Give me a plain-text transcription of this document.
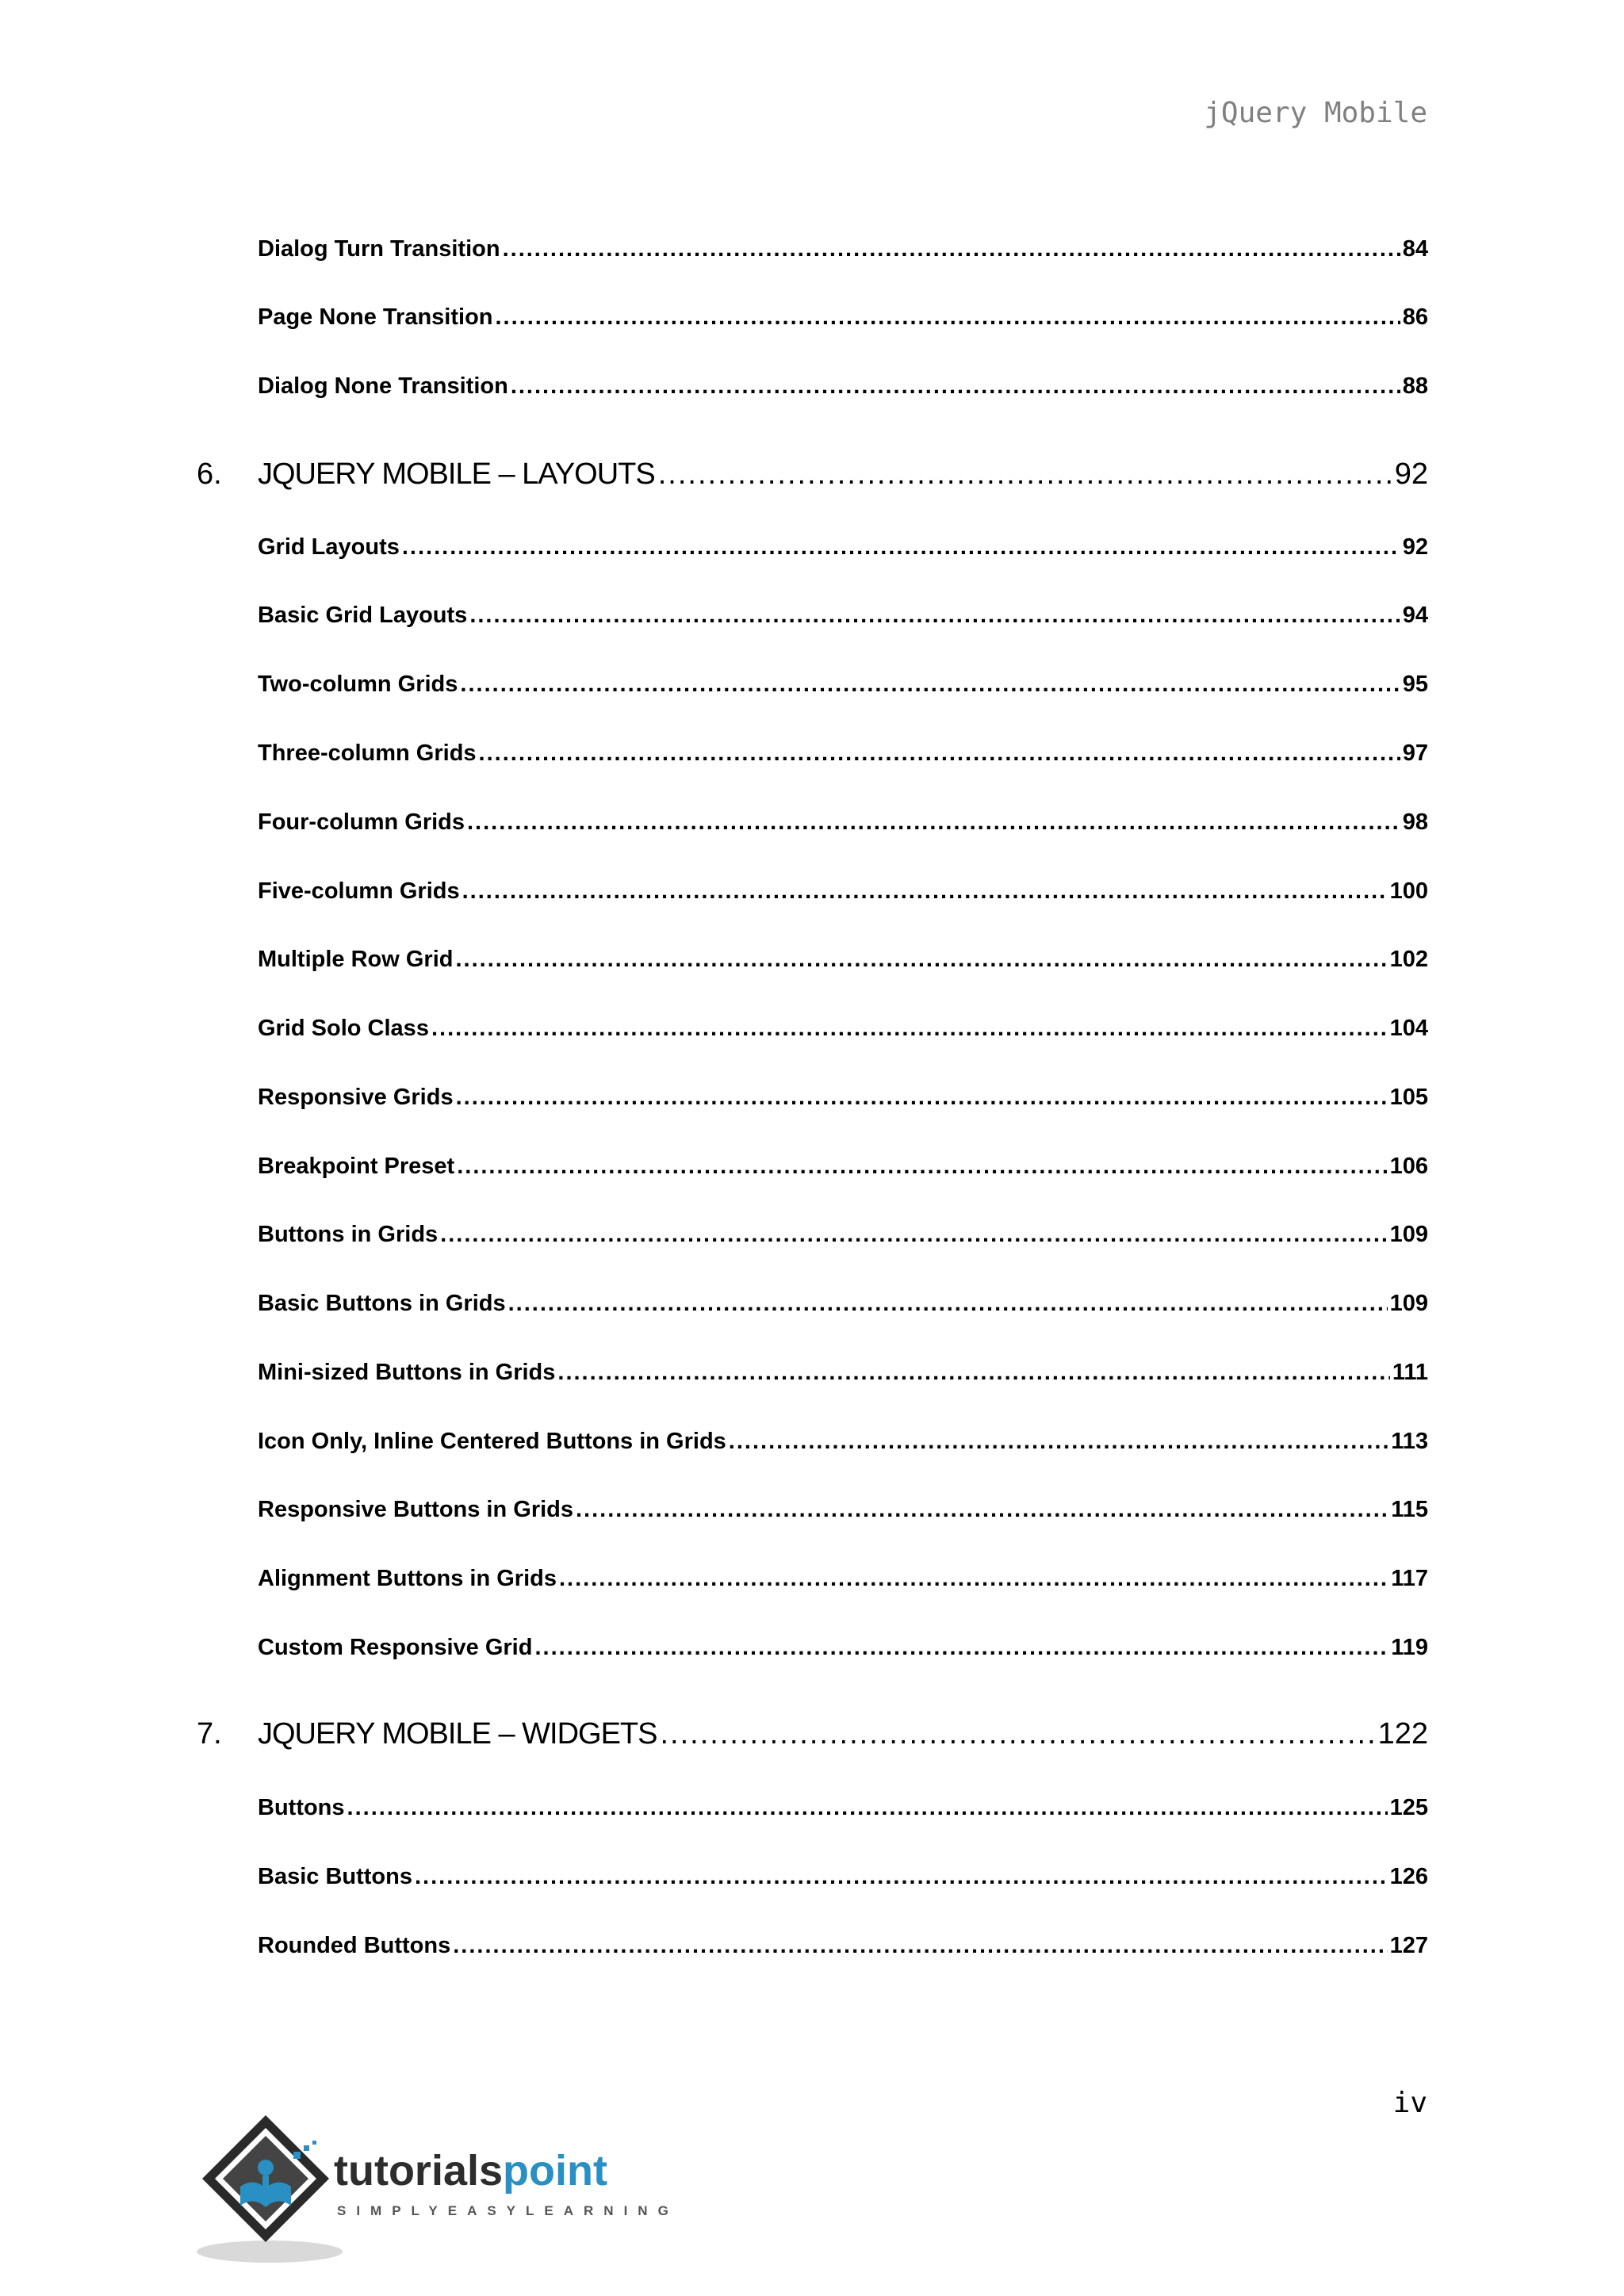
jQuery Mobile
Dialog Turn Transition .....	84
Page None Transition .....	86
Dialog None Transition .....	88
6.	JQUERY MOBILE – LAYOUTS .....	92
Grid Layouts .....	92
Basic Grid Layouts .....	94
Two-column Grids .....	95
Three-column Grids .....	97
Four-column Grids .....	98
Five-column Grids .....	100
Multiple Row Grid .....	102
Grid Solo Class .....	104
Responsive Grids .....	105
Breakpoint Preset .....	106
Buttons in Grids .....	109
Basic Buttons in Grids .....	109
Mini-sized Buttons in Grids .....	111
Icon Only, Inline Centered Buttons in Grids .....	113
Responsive Buttons in Grids .....	115
Alignment Buttons in Grids .....	117
Custom Responsive Grid .....	119
7.	JQUERY MOBILE – WIDGETS .....	122
Buttons .....	125
Basic Buttons .....	126
Rounded Buttons .....	127
iv
tutorialspoint
SIMPLYEASYLEARNING
